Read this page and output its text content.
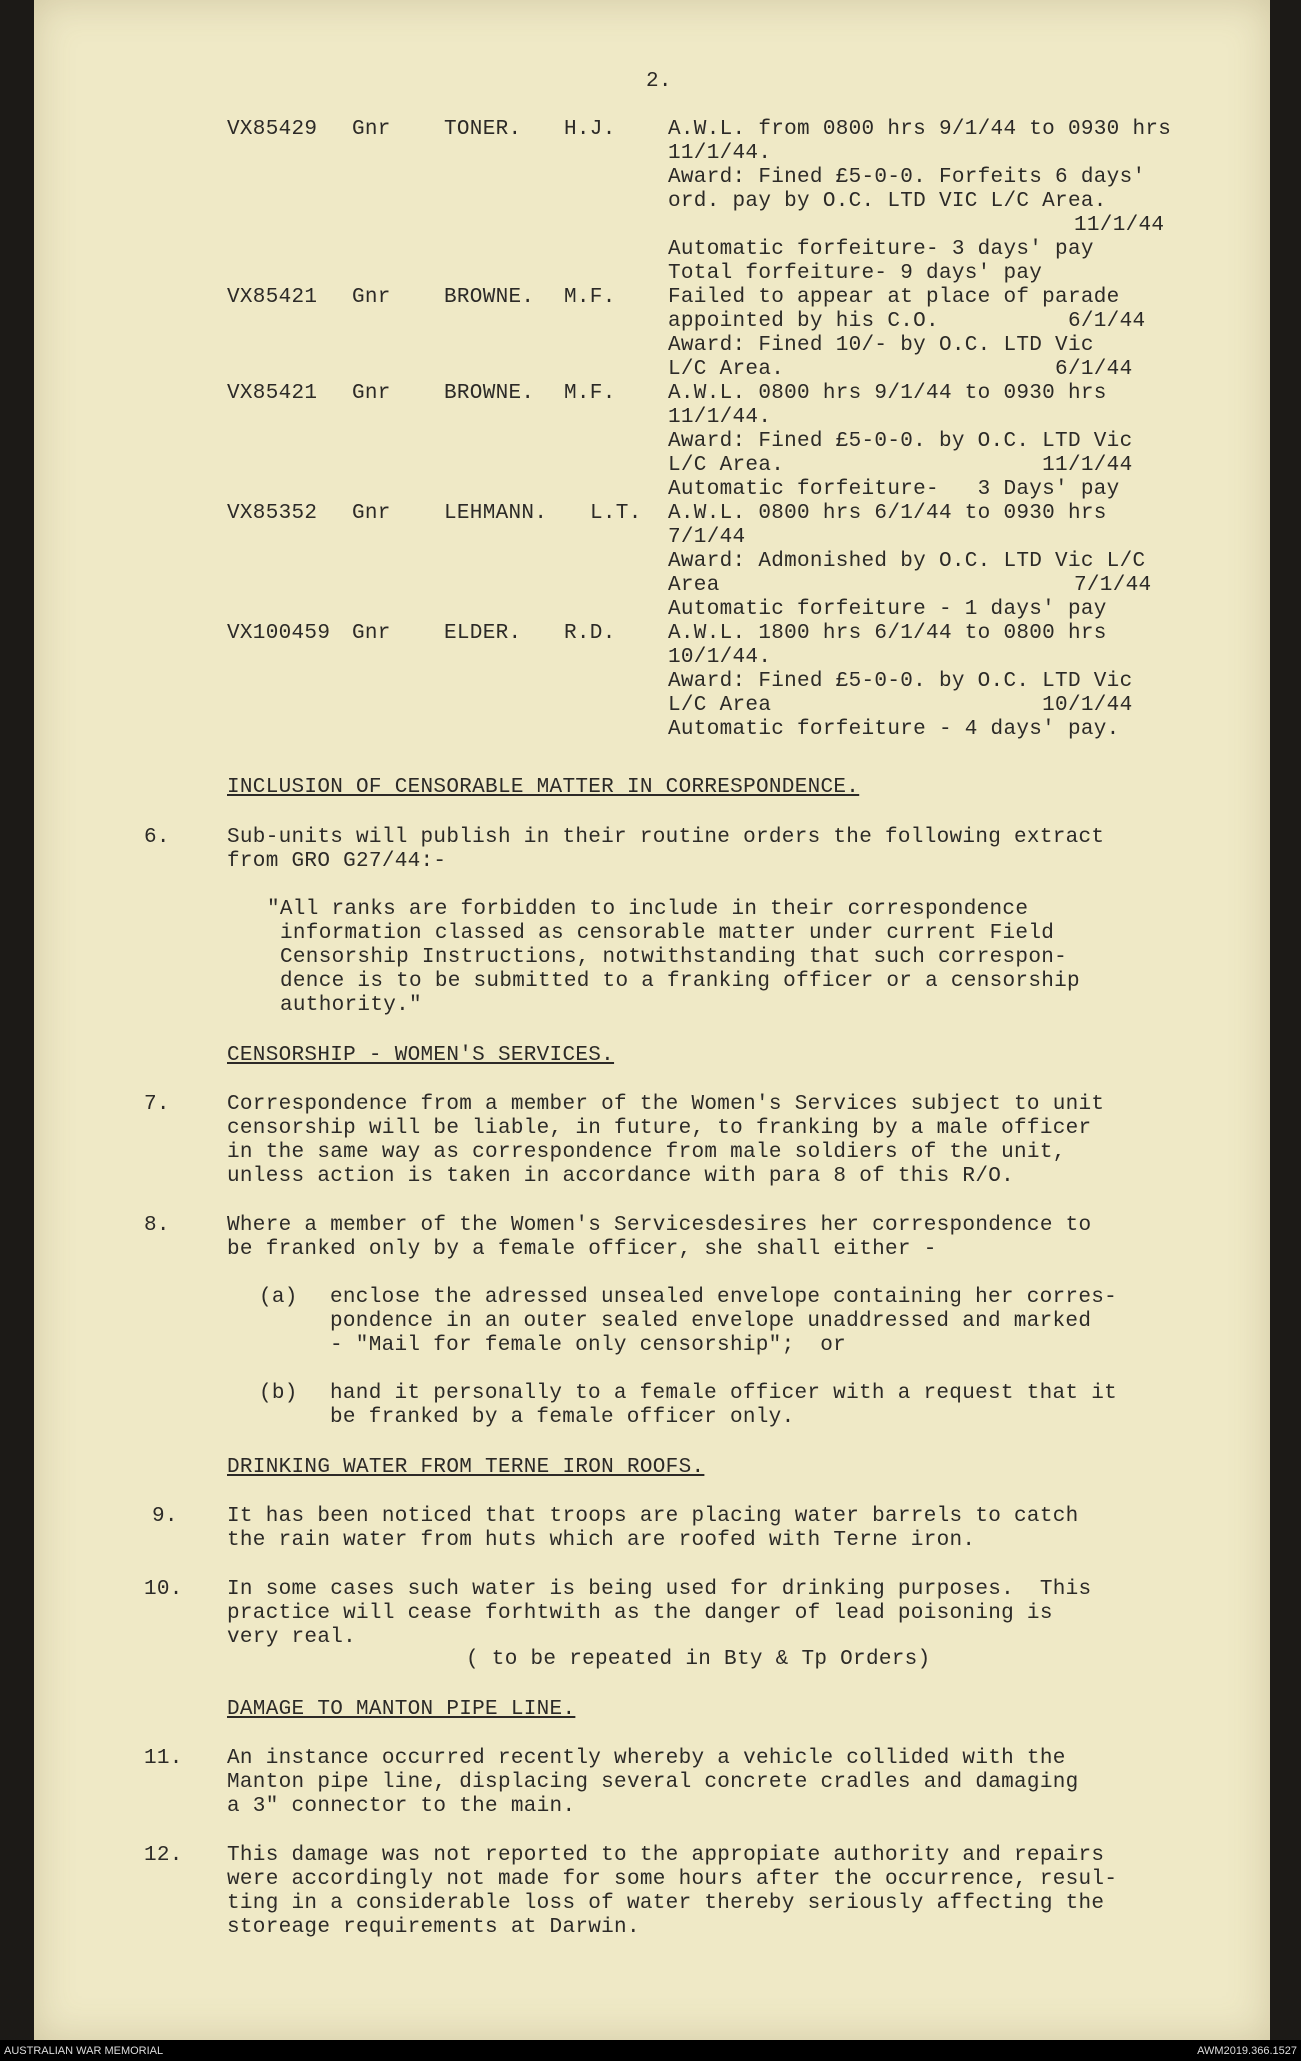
2.
VX85429 Gnr	TONER. H.J. A.W.L. from 0800 hrs 9/1/44 to 0930 hrs
11/1/44.
Award: Fined £5-0-0. Forfeits 6 days'
ord. pay by O.C. LTD VIC L/C Area.
11/1/44
Automatic forfeiture- 3 days' pay
Total forfeiture- 9 days' pay
VX85421 Gnr	BROWNE. M.F. Failed to appear at place of parade
appointed by his C.O.          6/1/44
Award: Fined 10/- by O.C. LTD Vic
L/C Area.                     6/1/44
VX85421 Gnr	BROWNE. M.F. A.W.L. 0800 hrs 9/1/44 to 0930 hrs
11/1/44.
Award: Fined £5-0-0. by O.C. LTD Vic
L/C Area.                    11/1/44
Automatic forfeiture-   3 Days' pay
VX85352 Gnr	LEHMANN. L.T. A.W.L. 0800 hrs 6/1/44 to 0930 hrs
7/1/44
Award: Admonished by O.C. LTD Vic L/C
Area	7/1/44
Automatic forfeiture - 1 days' pay
VX100459 Gnr	ELDER. R.D. A.W.L. 1800 hrs 6/1/44 to 0800 hrs
10/1/44.
Award: Fined £5-0-0. by O.C. LTD Vic
L/C Area                     10/1/44
Automatic forfeiture - 4 days' pay.
INCLUSION OF CENSORABLE MATTER IN CORRESPONDENCE.
6.	Sub-units will publish in their routine orders the following extract
from GRO G27/44:-
"All ranks are forbidden to include in their correspondence
information classed as censorable matter under current Field
Censorship Instructions, notwithstanding that such correspon-
dence is to be submitted to a franking officer or a censorship
authority."
CENSORSHIP - WOMEN'S SERVICES.
7.	Correspondence from a member of the Women's Services subject to unit
censorship will be liable, in future, to franking by a male officer
in the same way as correspondence from male soldiers of the unit,
unless action is taken in accordance with para 8 of this R/O.
8.	Where a member of the Women's Servicesdesires her correspondence to
be franked only by a female officer, she shall either -
(a) enclose the adressed unsealed envelope containing her corres-
pondence in an outer sealed envelope unaddressed and marked
- "Mail for female only censorship";  or
(b) hand it personally to a female officer with a request that it
be franked by a female officer only.
DRINKING WATER FROM TERNE IRON ROOFS.
9. It has been noticed that troops are placing water barrels to catch
the rain water from huts which are roofed with Terne iron.
10. In some cases such water is being used for drinking purposes.  This
practice will cease forhtwith as the danger of lead poisoning is
very real.
( to be repeated in Bty & Tp Orders)
DAMAGE TO MANTON PIPE LINE.
11. An instance occurred recently whereby a vehicle collided with the
Manton pipe line, displacing several concrete cradles and damaging
a 3" connector to the main.
12. This damage was not reported to the appropiate authority and repairs
were accordingly not made for some hours after the occurrence, resul-
ting in a considerable loss of water thereby seriously affecting the
storeage requirements at Darwin.
AUSTRALIAN WAR MEMORIAL	AWM2019.366.1527
